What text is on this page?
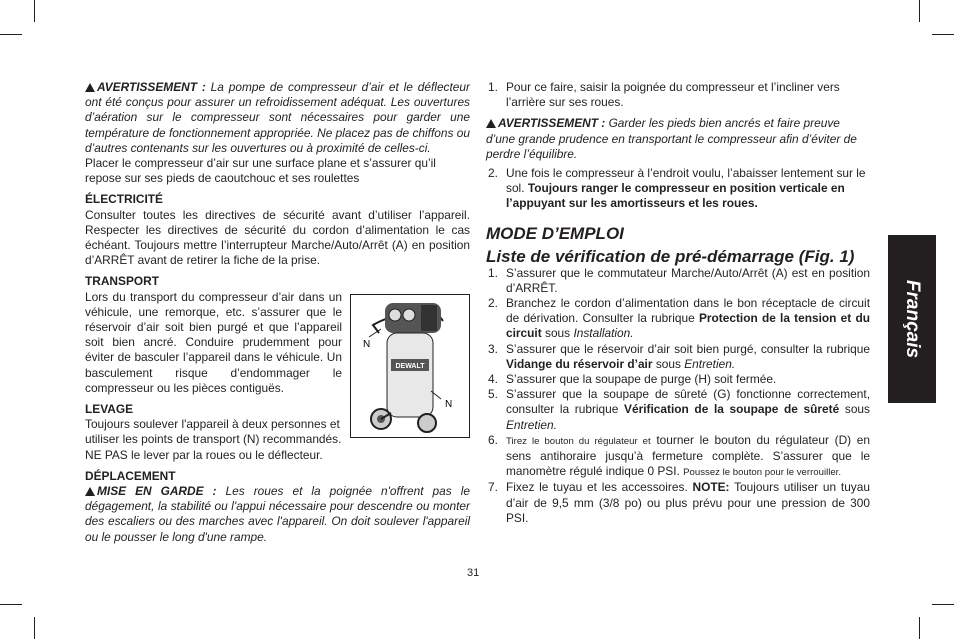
AVERTISSEMENT : La pompe de compresseur d’air et le déflecteur ont été conçus pour assurer un refroidissement adéquat. Les ouvertures d’aération sur le compresseur sont nécessaires pour garder une température de fonctionnement appropriée. Ne placez pas de chiffons ou d’autres contenants sur les ouvertures ou à proximité de celles-ci.

Placer le compresseur d’air sur une surface plane et s’assurer qu’il repose sur ses pieds de caoutchouc et ses roulettes

ÉLECTRICITÉ

Consulter toutes les directives de sécurité avant d’utiliser l’appareil. Respecter les directives de sécurité du cordon d’alimentation le cas échéant. Toujours mettre l’interrupteur Marche/Auto/Arrêt (A) en position d’ARRÊT avant de retirer la fiche de la prise.

TRANSPORT

DEWALT
N
N

Lors du transport du compresseur d’air dans un véhicule, une remorque, etc. s’assurer que le réservoir d’air soit bien purgé et que l’appareil soit bien ancré. Conduire prudemment pour éviter de basculer l’appareil dans le véhicule. Un basculement risque d’endommager le compresseur ou les pièces contiguës.

LEVAGE

Toujours soulever l'appareil à deux personnes et utiliser les points de transport (N) recommandés. NE PAS le lever par la roues ou le déflecteur.

DÉPLACEMENT

MISE EN GARDE : Les roues et la poignée n'offrent pas le dégagement, la stabilité ou l'appui nécessaire pour descendre ou monter des escaliers ou des marches avec l'appareil. On doit soulever l'appareil ou le pousser le long d'une rampe.

1. Pour ce faire, saisir la poignée du compresseur et l’incliner vers l’arrière sur ses roues.

AVERTISSEMENT : Garder les pieds bien ancrés et faire preuve d’une grande prudence en transportant le compresseur afin d’éviter de perdre l’équilibre.

2. Une fois le compresseur à l’endroit voulu, l’abaisser lentement sur le sol. Toujours ranger le compresseur en position verticale en l’appuyant sur les amortisseurs et les roues.

MODE D’EMPLOI

Liste de vérification de pré-démarrage (Fig. 1)

1. S’assurer que le commutateur Marche/Auto/Arrêt (A) est en position d’ARRÊT.
2. Branchez le cordon d’alimentation dans le bon réceptacle de circuit de dérivation. Consulter la rubrique Protection de la tension et du circuit sous Installation.
3. S’assurer que le réservoir d’air soit bien purgé, consulter la rubrique Vidange du réservoir d’air sous Entretien.
4. S’assurer que la soupape de purge (H) soit fermée.
5. S’assurer que la soupape de sûreté (G) fonctionne correctement, consulter la rubrique Vérification de la soupape de sûreté sous Entretien.
6. Tirez le bouton du régulateur et tourner le bouton du régulateur (D) en sens antihoraire jusqu’à fermeture complète. S’assurer que le manomètre régulé indique 0 PSI. Poussez le bouton pour le verrouiller.
7. Fixez le tuyau et les accessoires. NOTE: Toujours utiliser un tuyau d’air de 9,5 mm (3/8 po) ou plus prévu pour une pression de 300 PSI.
Français
31
